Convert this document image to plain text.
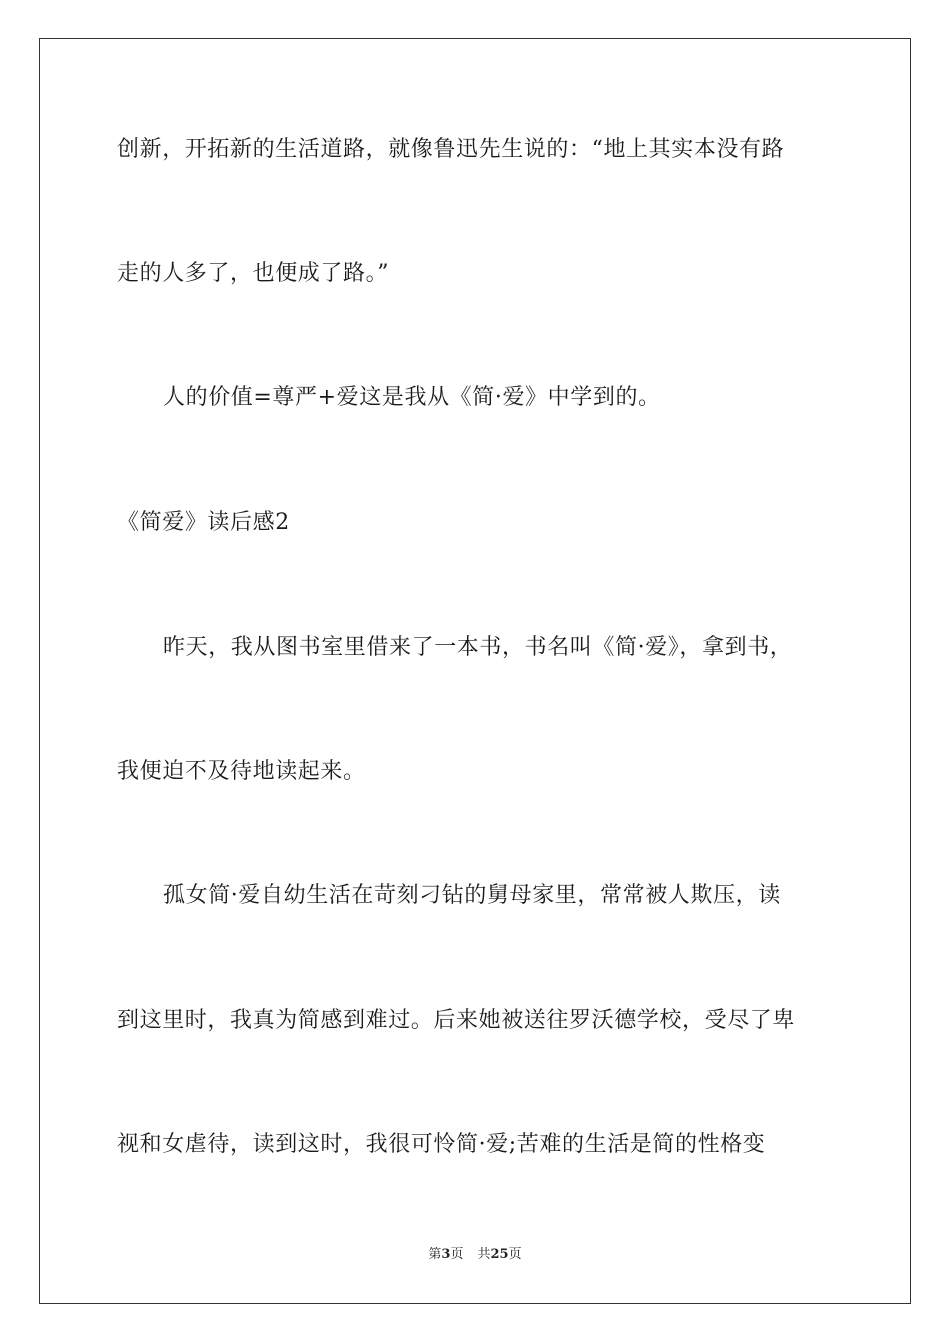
创新，开拓新的生活道路，就像鲁迅先生说的：“地上其实本没有路
走的人多了，也便成了路。”
人的价值=尊严+爱这是我从《简·爱》中学到的。
《简爱》读后感2
昨天，我从图书室里借来了一本书，书名叫《简·爱》，拿到书，
我便迫不及待地读起来。
孤女简·爱自幼生活在苛刻刁钻的舅母家里，常常被人欺压，读
到这里时，我真为简感到难过。后来她被送往罗沃德学校，受尽了卑
视和女虐待，读到这时，我很可怜简·爱;苦难的生活是简的性格变
第3页 共25页
